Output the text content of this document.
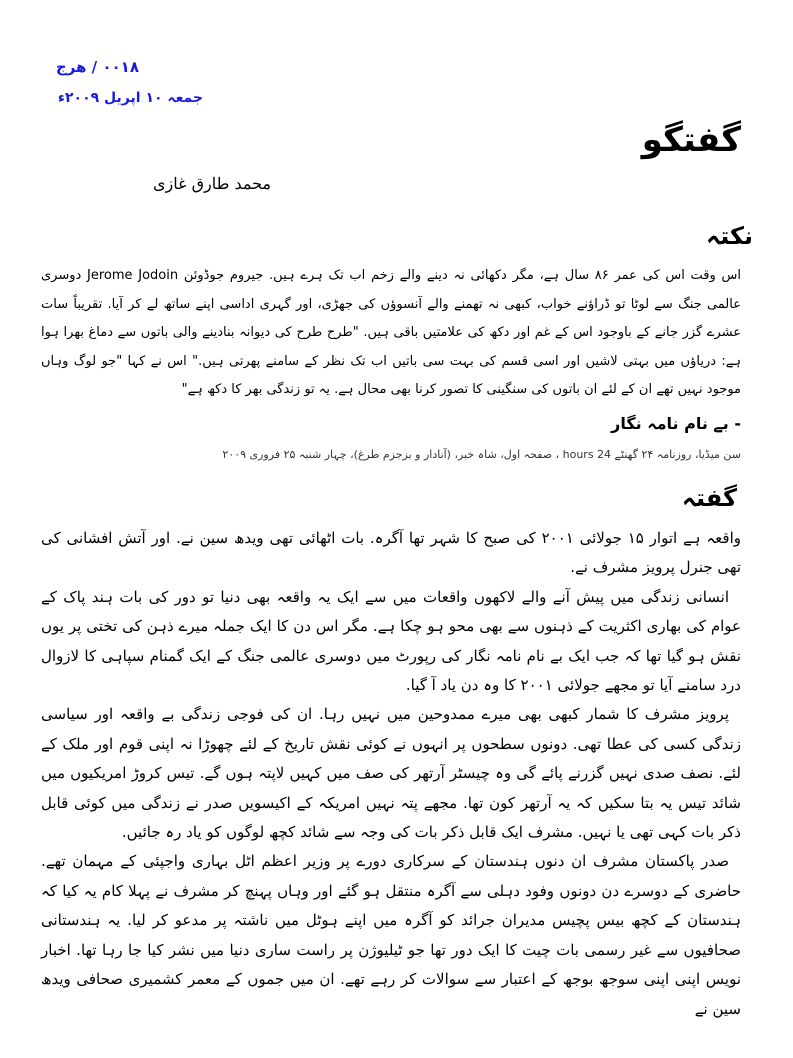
۰۰۱۸ / ھرج
جمعہ ۱۰ اپریل ۲۰۰۹ء
گفتگو
محمد طارق غازی
نکتہ

اس وقت اس کی عمر ۸۶ سال ہے، مگر دکھائی نہ دینے والے زخم اب تک ہرے ہیں. جیروم جوڈوئن Jerome Jodoin دوسری عالمی جنگ سے لوٹا تو ڈراؤنے خواب، کبھی نہ تھمنے والے آنسوؤں کی جھڑی، اور گہری اداسی اپنے ساتھ لے کر آیا. تقریباً سات عشرے گزر جانے کے باوجود اس کے غم اور دکھ کی علامتیں باقی ہیں. "طرح طرح کی دیوانہ بنادینے والی باتوں سے دماغ بھرا ہوا ہے: دریاؤں میں بہتی لاشیں اور اسی قسم کی بہت سی باتیں اب تک نظر کے سامنے پھرتی ہیں." اس نے کہا "جو لوگ وہاں موجود نہیں تھے ان کے لئے ان باتوں کی سنگینی کا تصور کرنا بھی محال ہے. یہ تو زندگی بھر کا دکھ ہے"

- بے نام نامہ نگار
سن میڈیا، روزنامہ ۲۴ گھنٹے 24 hours ، صفحہ اول، شاہ خبر، (آنادار و بزجزم طرغ)، چہار شنبہ ۲۵ فروری ۲۰۰۹
گفتہ

واقعہ ہے اتوار ۱۵ جولائی ۲۰۰۱ کی صبح کا شہر تھا آگرہ. بات اٹھائی تھی ویدھ سین نے. اور آتش افشانی کی تھی جنرل پرویز مشرف نے.

انسانی زندگی میں پیش آنے والے لاکھوں واقعات میں سے ایک یہ واقعہ بھی دنیا تو دور کی بات ہند پاک کے عوام کی بھاری اکثریت کے ذہنوں سے بھی محو ہو چکا ہے. مگر اس دن کا ایک جملہ میرے ذہن کی تختی پر یوں نقش ہو گیا تھا کہ جب ایک بے نام نامہ نگار کی رپورٹ میں دوسری عالمی جنگ کے ایک گمنام سپاہی کا لازوال درد سامنے آیا تو مجھے جولائی ۲۰۰۱ کا وہ دن یاد آ گیا.

پرویز مشرف کا شمار کبھی بھی میرے ممدوحین میں نہیں رہا. ان کی فوجی زندگی بے واقعہ اور سیاسی زندگی کسی کی عطا تھی. دونوں سطحوں پر انہوں نے کوئی نقش تاریخ کے لئے چھوڑا نہ اپنی قوم اور ملک کے لئے. نصف صدی نہیں گزرنے پائے گی وہ چیسٹر آرتھر کی صف میں کہیں لاپتہ ہوں گے. تیس کروڑ امریکیوں میں شائد تیس یہ بتا سکیں کہ یہ آرتھر کون تھا. مجھے پتہ نہیں امریکہ کے اکیسویں صدر نے زندگی میں کوئی قابل ذکر بات کہی تھی یا نہیں. مشرف ایک قابل ذکر بات کی وجہ سے شائد کچھ لوگوں کو یاد رہ جائیں.

صدر پاکستان مشرف ان دنوں ہندستان کے سرکاری دورے پر وزیر اعظم اٹل بہاری واجپئی کے مہمان تھے. حاضری کے دوسرے دن دونوں وفود دہلی سے آگرہ منتقل ہو گئے اور وہاں پہنچ کر مشرف نے پہلا کام یہ کیا کہ ہندستان کے کچھ بیس پچیس مدیران جرائد کو آگرہ میں اپنے ہوٹل میں ناشتہ پر مدعو کر لیا. یہ ہندستانی صحافیوں سے غیر رسمی بات چیت کا ایک دور تھا جو ٹیلیوژن پر راست ساری دنیا میں نشر کیا جا رہا تھا. اخبار نویس اپنی اپنی سوجھ بوجھ کے اعتبار سے سوالات کر رہے تھے. ان میں جموں کے معمر کشمیری صحافی ویدھ سین نے
